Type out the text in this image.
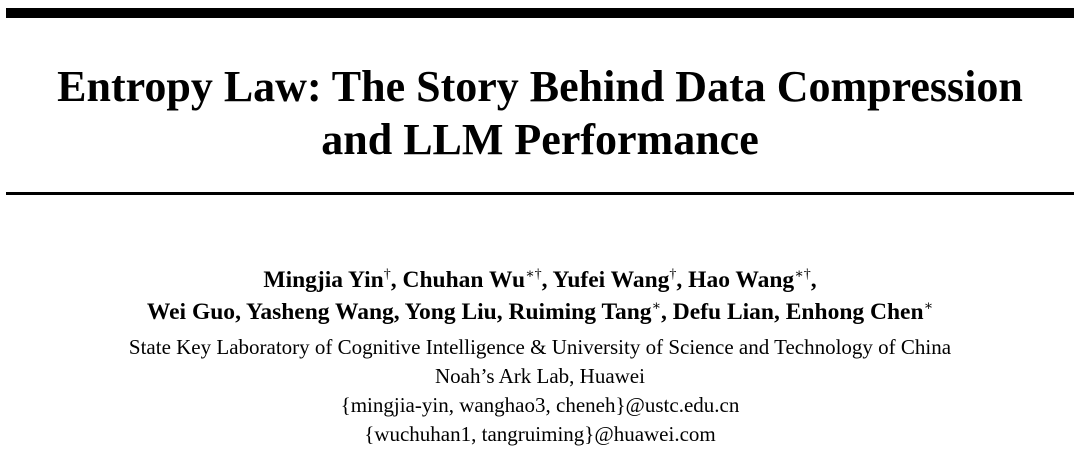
Entropy Law: The Story Behind Data Compression
and LLM Performance
Mingjia Yin†, Chuhan Wu∗†, Yufei Wang†, Hao Wang∗†,
Wei Guo, Yasheng Wang, Yong Liu, Ruiming Tang∗, Defu Lian, Enhong Chen∗
State Key Laboratory of Cognitive Intelligence & University of Science and Technology of China
Noah’s Ark Lab, Huawei
{mingjia-yin, wanghao3, cheneh}@ustc.edu.cn
{wuchuhan1, tangruiming}@huawei.com
